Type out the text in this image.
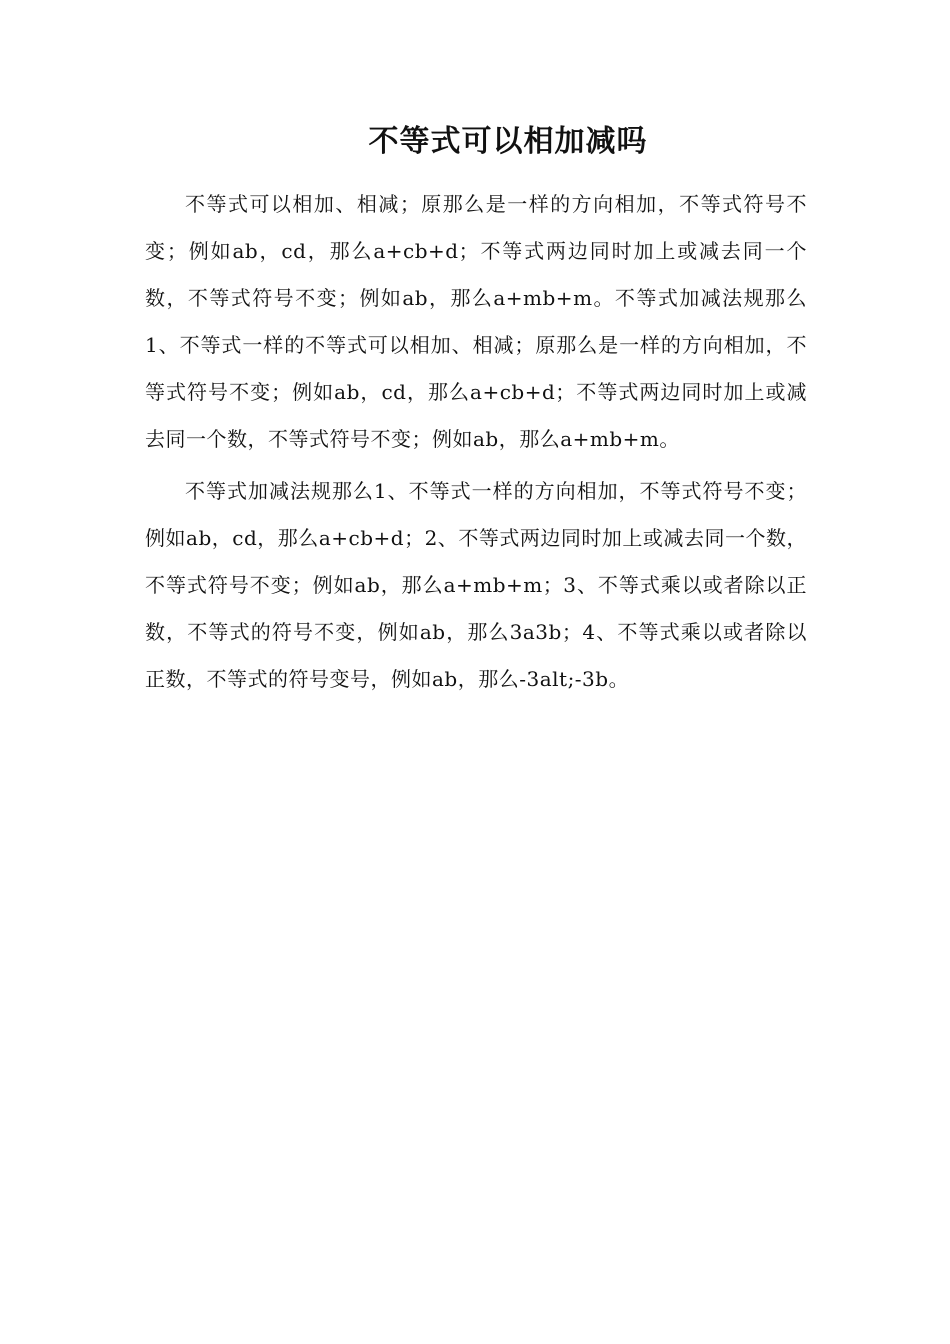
不等式可以相加减吗

不等式可以相加、相减；原那么是一样的方向相加，不等式符号不变；例如ab，cd，那么a+cb+d；不等式两边同时加上或减去同一个数，不等式符号不变；例如ab，那么a+mb+m。不等式加减法规那么1、不等式一样的不等式可以相加、相减；原那么是一样的方向相加，不等式符号不变；例如ab，cd，那么a+cb+d；不等式两边同时加上或减去同一个数，不等式符号不变；例如ab，那么a+mb+m。

不等式加减法规那么1、不等式一样的方向相加，不等式符号不变；例如ab，cd，那么a+cb+d；2、不等式两边同时加上或减去同一个数，不等式符号不变；例如ab，那么a+mb+m；3、不等式乘以或者除以正数，不等式的符号不变，例如ab，那么3a3b；4、不等式乘以或者除以正数，不等式的符号变号，例如ab，那么-3alt;-3b。
